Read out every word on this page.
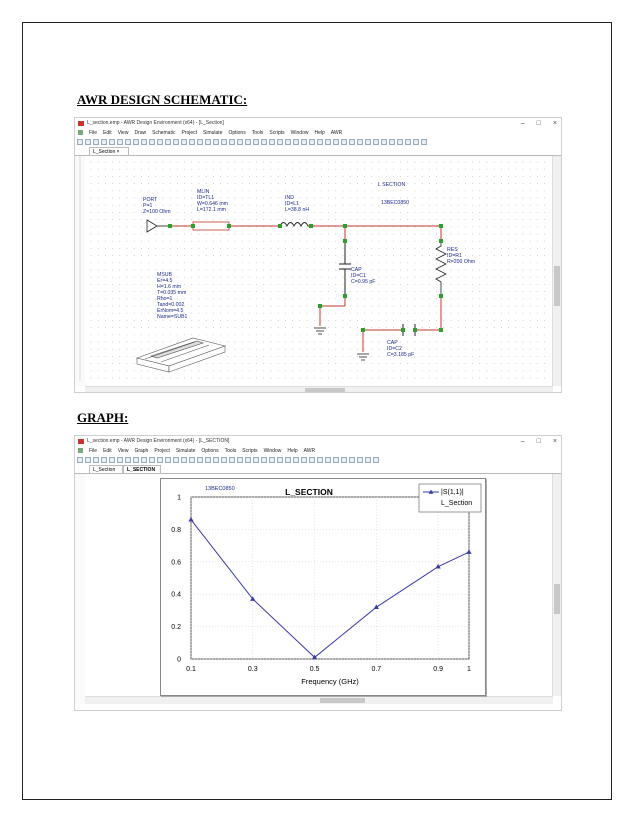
AWR DESIGN SCHEMATIC:
L_section.emp - AWR Design Environment (x64) - [L_Section]	– □ ×
File Edit View Draw Schematic Project Simulate Options Tools Scripts Window Help AWR
L_Section ×
L SECTION
13BEC0850
PORT
P=1
Z=100 Ohm
MLIN
ID=TL1
W=0.646 mm
L=172.1 mm
IND
ID=L1
L=38.8 nH
RES
ID=R1
R=200 Ohm
CAP
ID=C1
C=0.95 pF
MSUB
Er=4.5
H=1.6 mm
T=0.035 mm
Rho=1
Tand=0.002
ErNom=4.5
Name=SUB1
CAP
ID=C2
C=3.185 pF
GRAPH:
L_section.emp - AWR Design Environment (x64) - [L_SECTION]	– □ ×
File Edit View Graph Project Simulate Options Tools Scripts Window Help AWR
L_Section	L_SECTION
0
0.2
0.4
0.6
0.8
1
0.1	0.3	0.5	0.7	0.9	1
Frequency (GHz)
L_SECTION
13BEC0850	|S(1,1)|
L_Section
